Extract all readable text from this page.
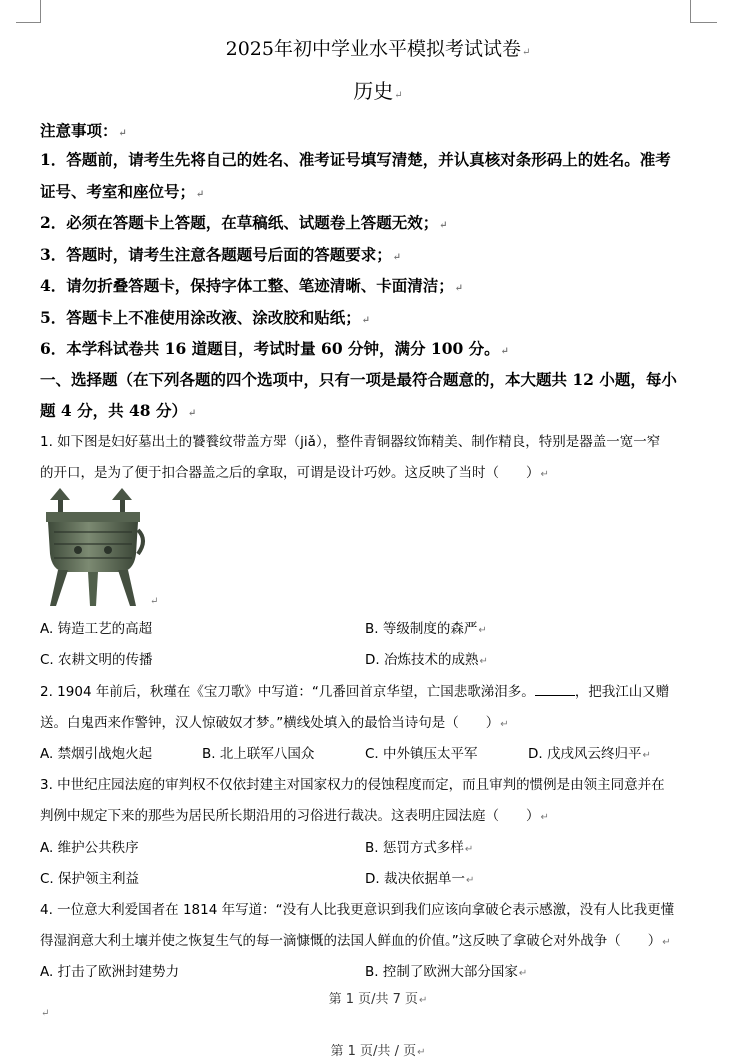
2025年初中学业水平模拟考试试卷↵
历史↵
注意事项：↵
1．答题前，请考生先将自己的姓名、准考证号填写清楚，并认真核对条形码上的姓名。准考
证号、考室和座位号；↵
2．必须在答题卡上答题，在草稿纸、试题卷上答题无效；↵
3．答题时，请考生注意各题题号后面的答题要求；↵
4．请勿折叠答题卡，保持字体工整、笔迹清晰、卡面清洁；↵
5．答题卡上不准使用涂改液、涂改胶和贴纸；↵
6．本学科试卷共 16 道题目，考试时量 60 分钟，满分 100 分。↵
一、选择题（在下列各题的四个选项中，只有一项是最符合题意的，本大题共 12 小题，每小
题 4 分，共 48 分）↵
1. 如下图是妇好墓出土的饕餮纹带盖方斝（jiǎ），整件青铜器纹饰精美、制作精良，特别是器盖一宽一窄
的开口，是为了便于扣合器盖之后的拿取，可谓是设计巧妙。这反映了当时（　　）↵
↵
A. 铸造工艺的高超	B. 等级制度的森严↵
C. 农耕文明的传播	D. 冶炼技术的成熟↵
2. 1904 年前后，秋瑾在《宝刀歌》中写道：“几番回首京华望，亡国悲歌涕泪多。	，把我江山又赠
送。白鬼西来作警钟，汉人惊破奴才梦。”横线处填入的最恰当诗句是（　　）↵
A. 禁烟引战炮火起	B. 北上联军八国众	C. 中外镇压太平军	D. 戊戌风云终归平↵
3. 中世纪庄园法庭的审判权不仅依封建主对国家权力的侵蚀程度而定，而且审判的惯例是由领主同意并在
判例中规定下来的那些为居民所长期沿用的习俗进行裁决。这表明庄园法庭（　　）↵
A. 维护公共秩序	B. 惩罚方式多样↵
C. 保护领主利益	D. 裁决依据单一↵
4. 一位意大利爱国者在 1814 年写道：“没有人比我更意识到我们应该向拿破仑表示感激，没有人比我更懂
得湿润意大利土壤并使之恢复生气的每一滴慷慨的法国人鲜血的价值。”这反映了拿破仑对外战争（　　）↵
A. 打击了欧洲封建势力	B. 控制了欧洲大部分国家↵
第 1 页/共 7 页↵
↵
第 1 页/共 / 页↵
